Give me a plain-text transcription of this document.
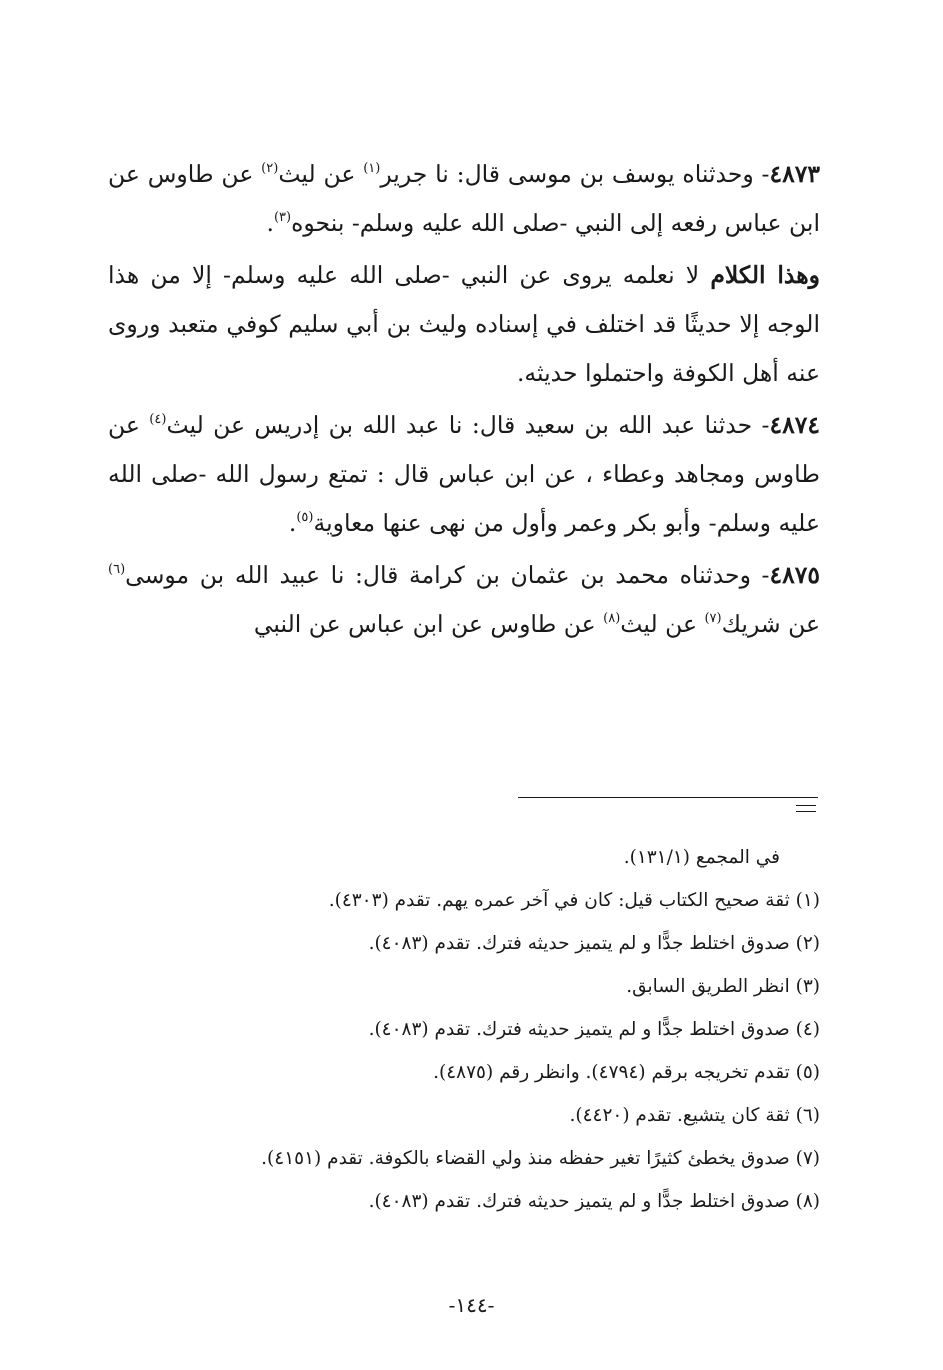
٤٨٧٣- وحدثناه يوسف بن موسى قال: نا جرير$^{(١)}$ عن ليث$^{(٢)}$ عن طاوس عن ابن عباس رفعه إلى النبي -صلى الله عليه وسلم- بنحوه$^{(٣)}$.

وهذا الكلام لا نعلمه يروى عن النبي -صلى الله عليه وسلم- إلا من هذا الوجه إلا حديثًا قد اختلف في إسناده وليث بن أبي سليم كوفي متعبد وروى عنه أهل الكوفة واحتملوا حديثه.

٤٨٧٤- حدثنا عبد الله بن سعيد قال: نا عبد الله بن إدريس عن ليث$^{(٤)}$ عن طاوس ومجاهد وعطاء ، عن ابن عباس قال : تمتع رسول الله -صلى الله عليه وسلم- وأبو بكر وعمر وأول من نهى عنها معاوية$^{(٥)}$.

٤٨٧٥- وحدثناه محمد بن عثمان بن كرامة قال: نا عبيد الله بن موسى$^{(٦)}$ عن شريك$^{(٧)}$ عن ليث$^{(٨)}$ عن طاوس عن ابن عباس عن النبي

في المجمع (١٣١/١).

(١) ثقة صحيح الكتاب قيل: كان في آخر عمره يهم. تقدم (٤٣٠٣).

(٢) صدوق اختلط جدًّا و لم يتميز حديثه فترك. تقدم (٤٠٨٣).

(٣) انظر الطريق السابق.

(٤) صدوق اختلط جدًّا و لم يتميز حديثه فترك. تقدم (٤٠٨٣).

(٥) تقدم تخريجه برقم (٤٧٩٤). وانظر رقم (٤٨٧٥).

(٦) ثقة كان يتشيع. تقدم (٤٤٢٠).

(٧) صدوق يخطئ كثيرًا تغير حفظه منذ ولي القضاء بالكوفة. تقدم (٤١٥١).

(٨) صدوق اختلط جدًّا و لم يتميز حديثه فترك. تقدم (٤٠٨٣).

-١٤٤-
